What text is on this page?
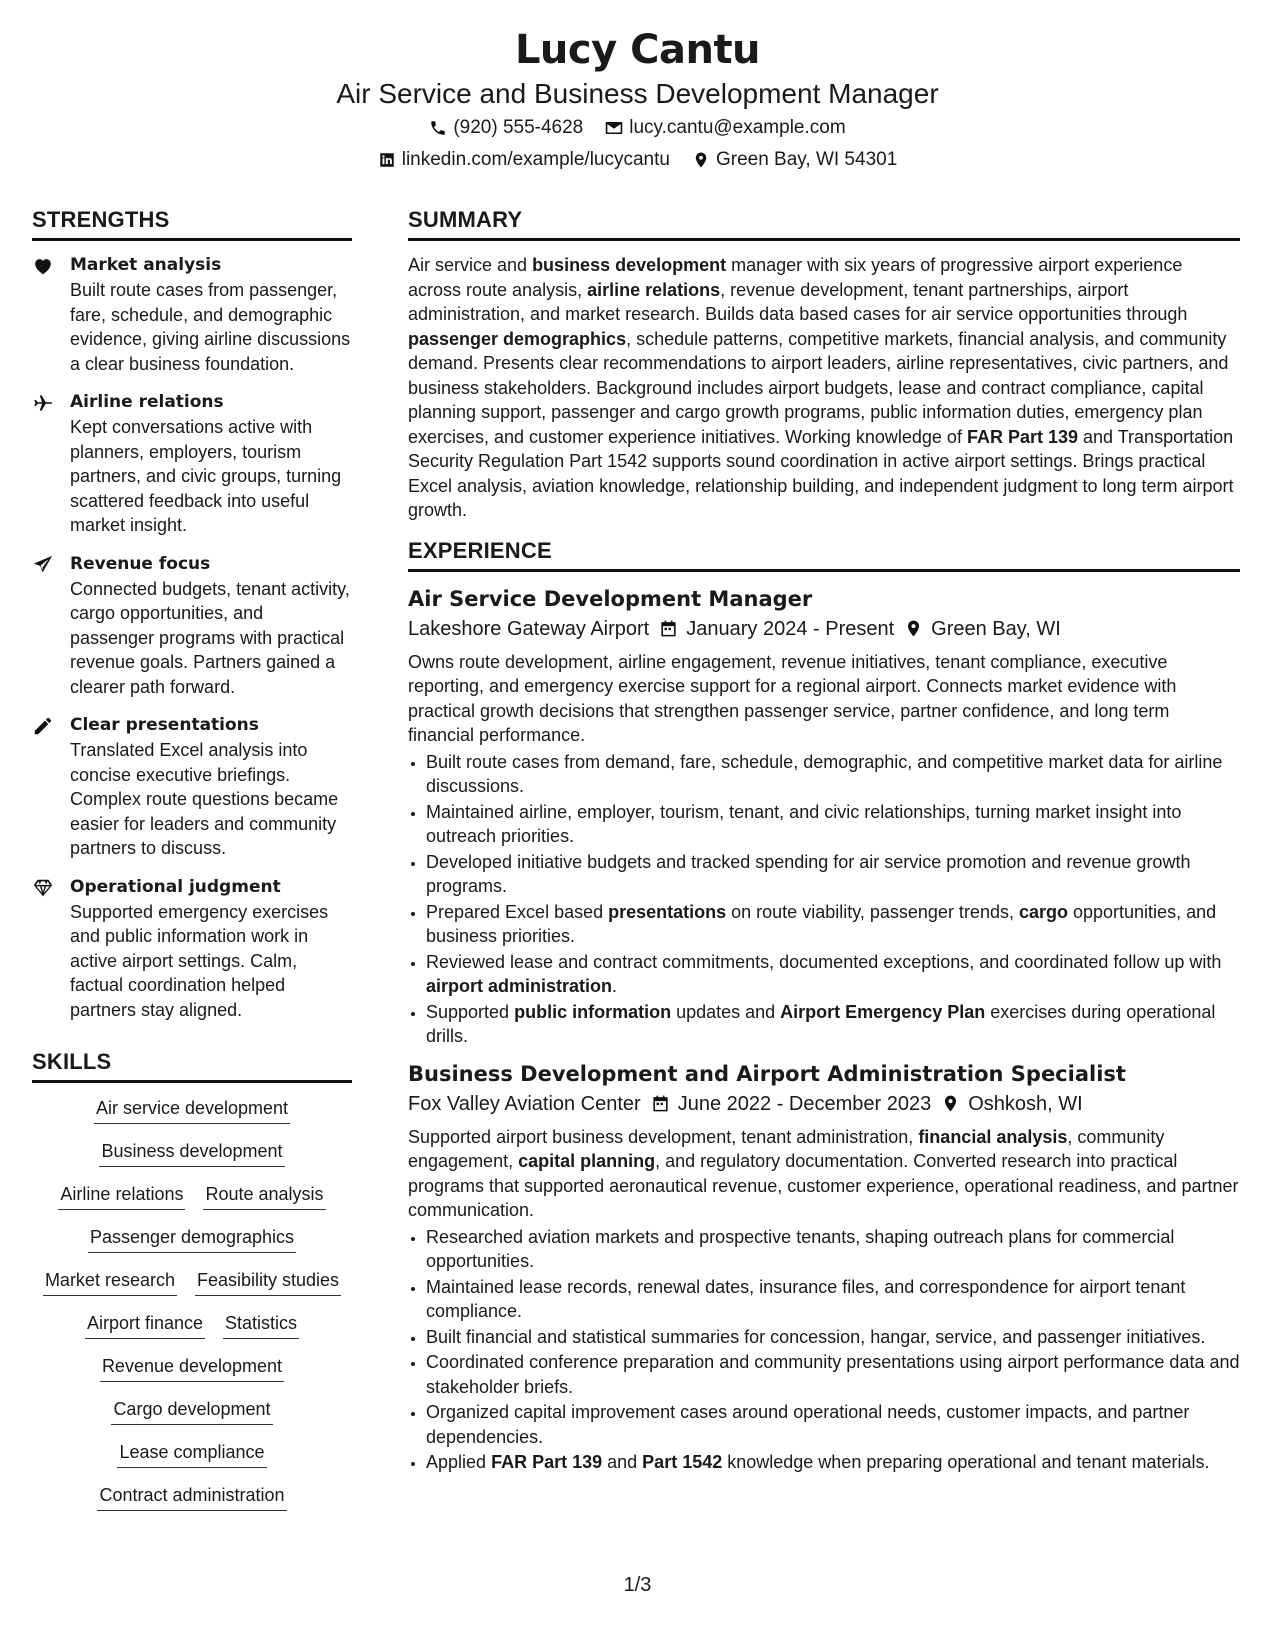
Lucy Cantu
Air Service and Business Development Manager
(920) 555-4628 lucy.cantu@example.com
linkedin.com/example/lucycantu Green Bay, WI 54301
STRENGTHS
Market analysis
Built route cases from passenger, fare, schedule, and demographic evidence, giving airline discussions a clear business foundation.
Airline relations
Kept conversations active with planners, employers, tourism partners, and civic groups, turning scattered feedback into useful market insight.
Revenue focus
Connected budgets, tenant activity, cargo opportunities, and passenger programs with practical revenue goals. Partners gained a clearer path forward.
Clear presentations
Translated Excel analysis into concise executive briefings. Complex route questions became easier for leaders and community partners to discuss.
Operational judgment
Supported emergency exercises and public information work in active airport settings. Calm, factual coordination helped partners stay aligned.
SKILLS
Air service development
Business development
Airline relations Route analysis
Passenger demographics
Market research Feasibility studies
Airport finance Statistics
Revenue development
Cargo development
Lease compliance
Contract administration
SUMMARY
Air service and business development manager with six years of progressive airport experience across route analysis, airline relations, revenue development, tenant partnerships, airport administration, and market research. Builds data based cases for air service opportunities through passenger demographics, schedule patterns, competitive markets, financial analysis, and community demand. Presents clear recommendations to airport leaders, airline representatives, civic partners, and business stakeholders. Background includes airport budgets, lease and contract compliance, capital planning support, passenger and cargo growth programs, public information duties, emergency plan exercises, and customer experience initiatives. Working knowledge of FAR Part 139 and Transportation Security Regulation Part 1542 supports sound coordination in active airport settings. Brings practical Excel analysis, aviation knowledge, relationship building, and independent judgment to long term airport growth.
EXPERIENCE
Air Service Development Manager
Lakeshore Gateway Airport January 2024 - Present Green Bay, WI
Owns route development, airline engagement, revenue initiatives, tenant compliance, executive reporting, and emergency exercise support for a regional airport. Connects market evidence with practical growth decisions that strengthen passenger service, partner confidence, and long term financial performance.
• Built route cases from demand, fare, schedule, demographic, and competitive market data for airline discussions.
• Maintained airline, employer, tourism, tenant, and civic relationships, turning market insight into outreach priorities.
• Developed initiative budgets and tracked spending for air service promotion and revenue growth programs.
• Prepared Excel based presentations on route viability, passenger trends, cargo opportunities, and business priorities.
• Reviewed lease and contract commitments, documented exceptions, and coordinated follow up with airport administration.
• Supported public information updates and Airport Emergency Plan exercises during operational drills.
Business Development and Airport Administration Specialist
Fox Valley Aviation Center June 2022 - December 2023 Oshkosh, WI
Supported airport business development, tenant administration, financial analysis, community engagement, capital planning, and regulatory documentation. Converted research into practical programs that supported aeronautical revenue, customer experience, operational readiness, and partner communication.
• Researched aviation markets and prospective tenants, shaping outreach plans for commercial opportunities.
• Maintained lease records, renewal dates, insurance files, and correspondence for airport tenant compliance.
• Built financial and statistical summaries for concession, hangar, service, and passenger initiatives.
• Coordinated conference preparation and community presentations using airport performance data and stakeholder briefs.
• Organized capital improvement cases around operational needs, customer impacts, and partner dependencies.
• Applied FAR Part 139 and Part 1542 knowledge when preparing operational and tenant materials.
1/3
